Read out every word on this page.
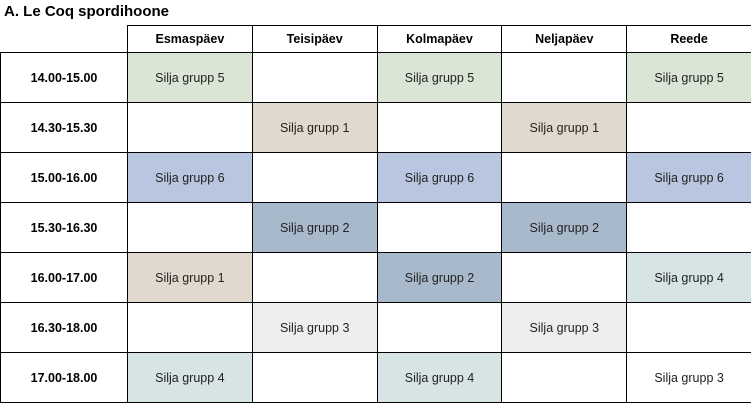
A. Le Coq spordihoone
	Esmaspäev	Teisipäev	Kolmapäev	Neljapäev	Reede
14.00-15.00	Silja grupp 5		Silja grupp 5		Silja grupp 5
14.30-15.30		Silja grupp 1		Silja grupp 1	
15.00-16.00	Silja grupp 6		Silja grupp 6		Silja grupp 6
15.30-16.30		Silja grupp 2		Silja grupp 2	
16.00-17.00	Silja grupp 1		Silja grupp 2		Silja grupp 4
16.30-18.00		Silja grupp 3		Silja grupp 3	
17.00-18.00	Silja grupp 4		Silja grupp 4		Silja grupp 3
